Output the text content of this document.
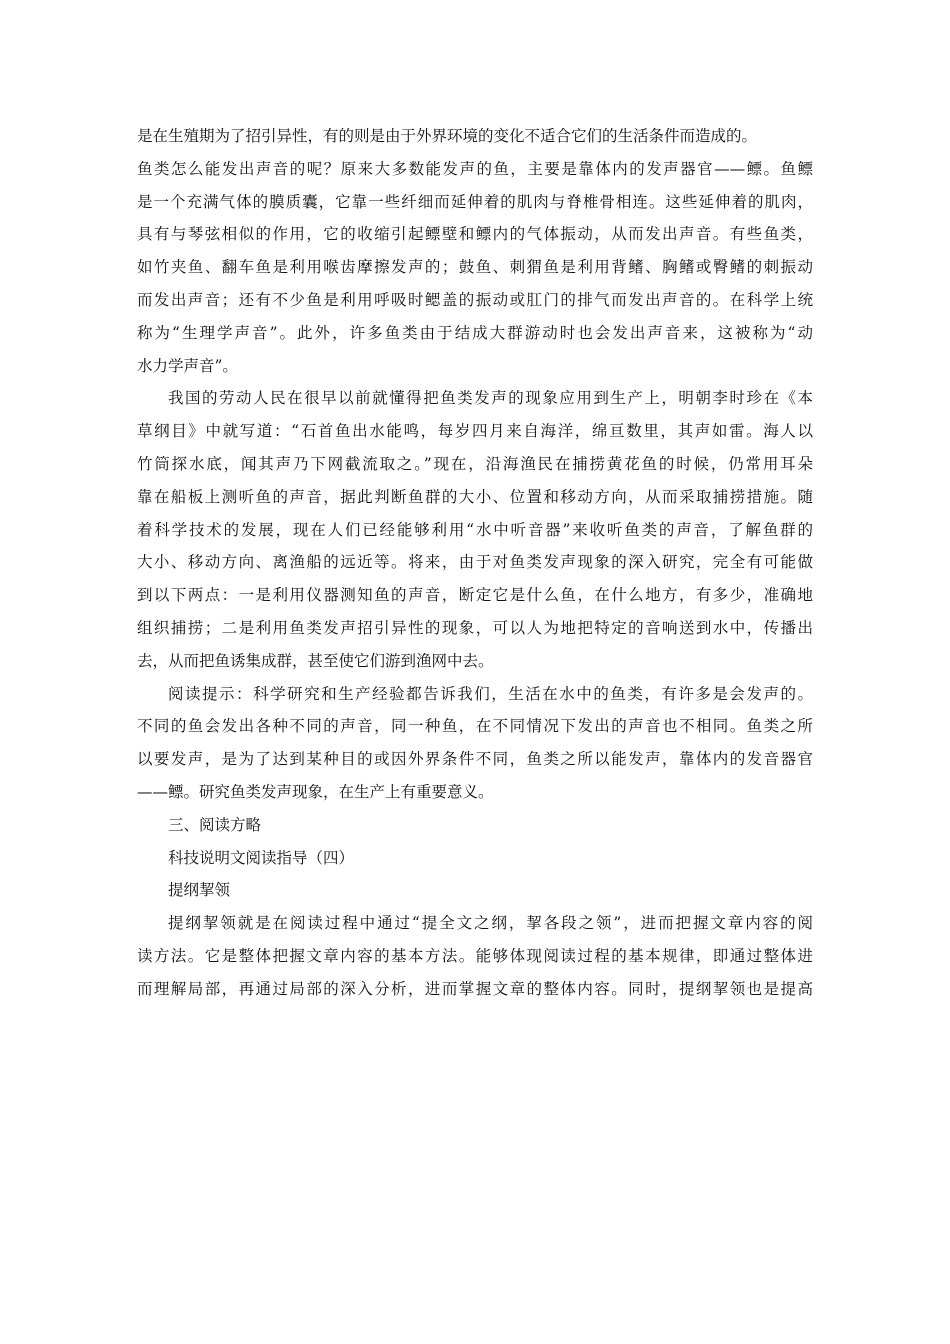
是在生殖期为了招引异性，有的则是由于外界环境的变化不适合它们的生活条件而造成的。
鱼类怎么能发出声音的呢？原来大多数能发声的鱼，主要是靠体内的发声器官——鳔。鱼鳔
是一个充满气体的膜质囊，它靠一些纤细而延伸着的肌肉与脊椎骨相连。这些延伸着的肌肉，
具有与琴弦相似的作用，它的收缩引起鳔壁和鳔内的气体振动，从而发出声音。有些鱼类，
如竹夹鱼、翻车鱼是利用喉齿摩擦发声的；鼓鱼、刺猬鱼是利用背鳍、胸鳍或臀鳍的刺振动
而发出声音；还有不少鱼是利用呼吸时鳃盖的振动或肛门的排气而发出声音的。在科学上统
称为“生理学声音”。此外，许多鱼类由于结成大群游动时也会发出声音来，这被称为“动
水力学声音”。
我国的劳动人民在很早以前就懂得把鱼类发声的现象应用到生产上，明朝李时珍在《本
草纲目》中就写道：“石首鱼出水能鸣，每岁四月来自海洋，绵亘数里，其声如雷。海人以
竹筒探水底，闻其声乃下网截流取之。”现在，沿海渔民在捕捞黄花鱼的时候，仍常用耳朵
靠在船板上测听鱼的声音，据此判断鱼群的大小、位置和移动方向，从而采取捕捞措施。随
着科学技术的发展，现在人们已经能够利用“水中听音器”来收听鱼类的声音，了解鱼群的
大小、移动方向、离渔船的远近等。将来，由于对鱼类发声现象的深入研究，完全有可能做
到以下两点：一是利用仪器测知鱼的声音，断定它是什么鱼，在什么地方，有多少，准确地
组织捕捞；二是利用鱼类发声招引异性的现象，可以人为地把特定的音响送到水中，传播出
去，从而把鱼诱集成群，甚至使它们游到渔网中去。
阅读提示：科学研究和生产经验都告诉我们，生活在水中的鱼类，有许多是会发声的。
不同的鱼会发出各种不同的声音，同一种鱼，在不同情况下发出的声音也不相同。鱼类之所
以要发声，是为了达到某种目的或因外界条件不同，鱼类之所以能发声，靠体内的发音器官
——鳔。研究鱼类发声现象，在生产上有重要意义。
三、阅读方略
科技说明文阅读指导（四）
提纲挈领
提纲挈领就是在阅读过程中通过“提全文之纲，挈各段之领”，进而把握文章内容的阅
读方法。它是整体把握文章内容的基本方法。能够体现阅读过程的基本规律，即通过整体进
而理解局部，再通过局部的深入分析，进而掌握文章的整体内容。同时，提纲挈领也是提高
